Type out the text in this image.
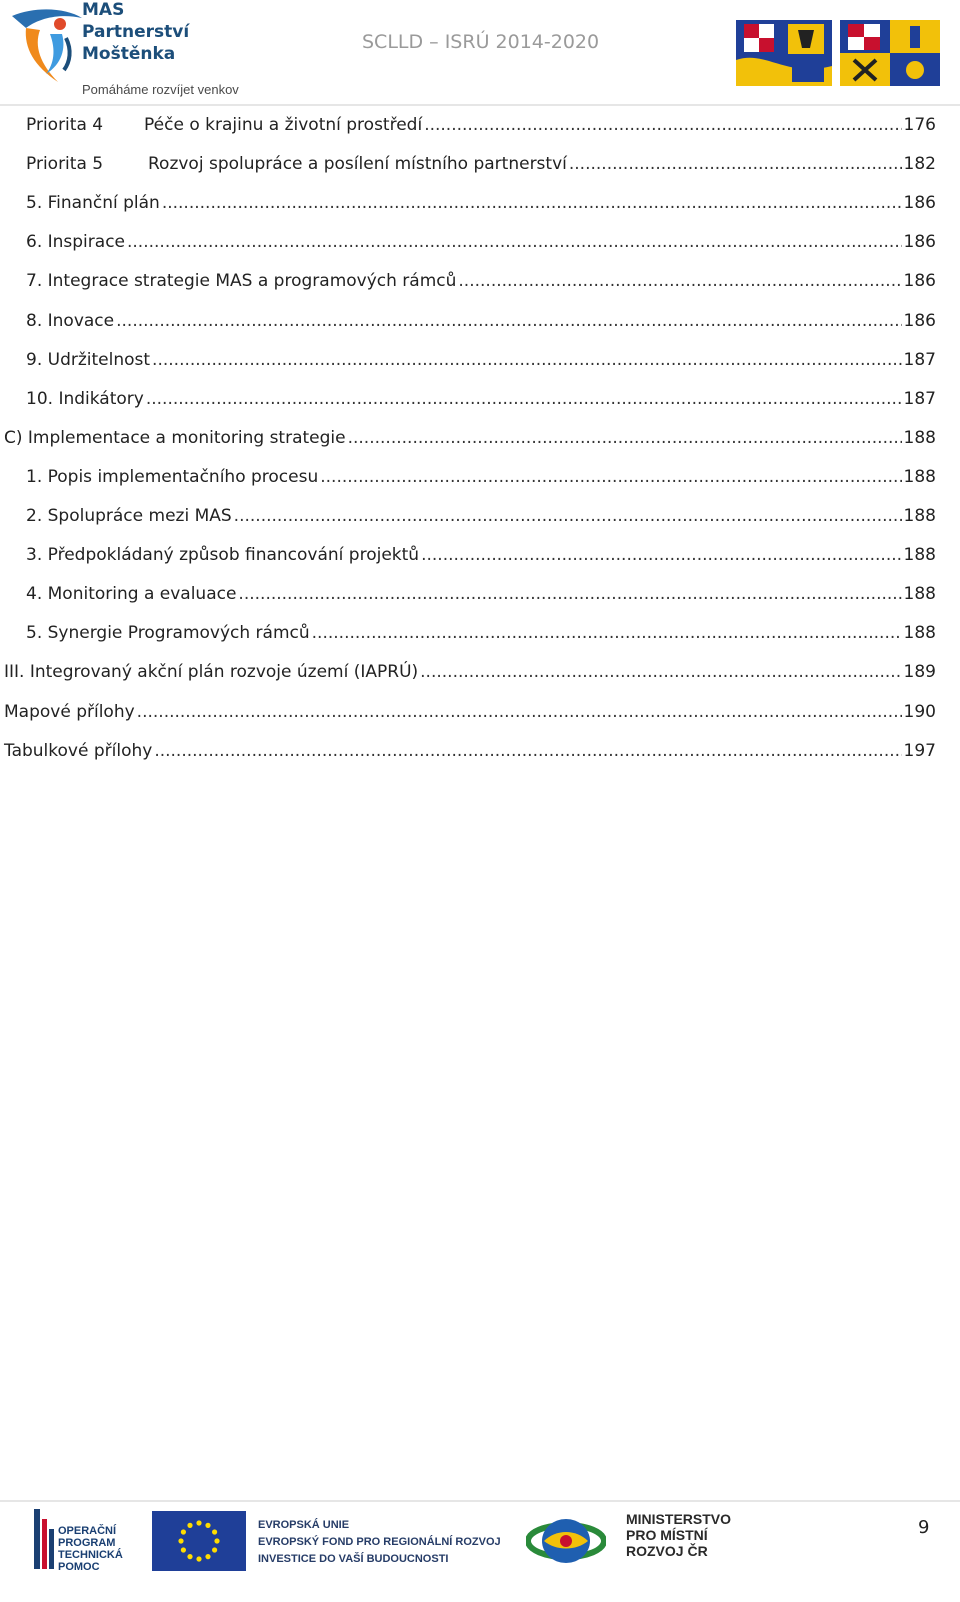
MAS
Partnerství
Moštěnka
Pomáháme rozvíjet venkov
SCLLD – ISRÚ 2014-2020
Priorita 4	Péče o krajinu a životní prostředí .....	176
Priorita 5	Rozvoj spolupráce a posílení místního partnerství .....	182
5. Finanční plán .....	186
6. Inspirace .....	186
7. Integrace strategie MAS a programových rámců .....	186
8. Inovace .....	186
9. Udržitelnost .....	187
10. Indikátory .....	187
C) Implementace a monitoring strategie .....	188
1. Popis implementačního procesu .....	188
2. Spolupráce mezi MAS .....	188
3. Předpokládaný způsob financování projektů .....	188
4. Monitoring a evaluace .....	188
5. Synergie Programových rámců .....	188
III. Integrovaný akční plán rozvoje území (IAPRÚ) .....	189
Mapové přílohy .....	190
Tabulkové přílohy .....	197
OPERAČNÍ
PROGRAM
TECHNICKÁ
POMOC
EVROPSKÁ UNIE
EVROPSKÝ FOND PRO REGIONÁLNÍ ROZVOJ
INVESTICE DO VAŠÍ BUDOUCNOSTI
MINISTERSTVO
PRO MÍSTNÍ
ROZVOJ ČR
9
